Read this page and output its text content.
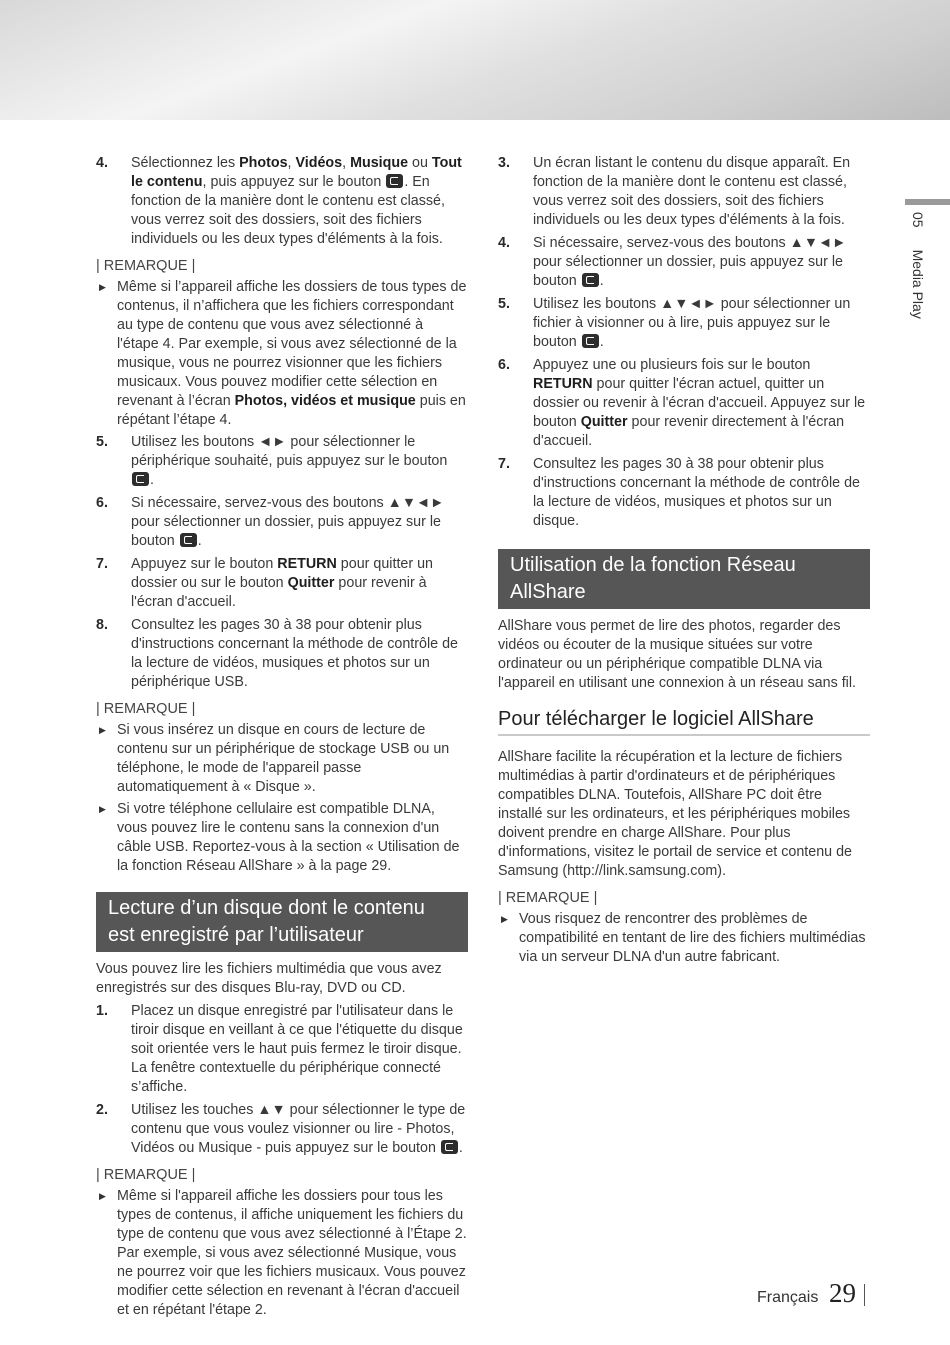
4. Sélectionnez les Photos, Vidéos, Musique ou Tout le contenu, puis appuyez sur le bouton . En fonction de la manière dont le contenu est classé, vous verrez soit des dossiers, soit des fichiers individuels ou les deux types d'éléments à la fois.
| REMARQUE |
▶ Même si l’appareil affiche les dossiers de tous types de contenus, il n’affichera que les fichiers correspondant au type de contenu que vous avez sélectionné à l'étape 4. Par exemple, si vous avez sélectionné de la musique, vous ne pourrez visionner que les fichiers musicaux. Vous pouvez modifier cette sélection en revenant à l’écran Photos, vidéos et musique puis en répétant l’étape 4.
5. Utilisez les boutons ◄► pour sélectionner le périphérique souhaité, puis appuyez sur le bouton .
6. Si nécessaire, servez-vous des boutons ▲▼◄► pour sélectionner un dossier, puis appuyez sur le bouton .
7. Appuyez sur le bouton RETURN pour quitter un dossier ou sur le bouton Quitter pour revenir à l'écran d'accueil.
8. Consultez les pages 30 à 38 pour obtenir plus d'instructions concernant la méthode de contrôle de la lecture de vidéos, musiques et photos sur un périphérique USB.
| REMARQUE |
▶ Si vous insérez un disque en cours de lecture de contenu sur un périphérique de stockage USB ou un téléphone, le mode de l'appareil passe automatiquement à « Disque ».
▶ Si votre téléphone cellulaire est compatible DLNA, vous pouvez lire le contenu sans la connexion d'un câble USB. Reportez-vous à la section « Utilisation de la fonction Réseau AllShare » à la page 29.
Lecture d’un disque dont le contenu est enregistré par l’utilisateur
Vous pouvez lire les fichiers multimédia que vous avez enregistrés sur des disques Blu-ray, DVD ou CD.
1. Placez un disque enregistré par l'utilisateur dans le tiroir disque en veillant à ce que l'étiquette du disque soit orientée vers le haut puis fermez le tiroir disque. La fenêtre contextuelle du périphérique connecté s’affiche.
2. Utilisez les touches ▲▼ pour sélectionner le type de contenu que vous voulez visionner ou lire - Photos, Vidéos ou Musique - puis appuyez sur le bouton .
| REMARQUE |
▶ Même si l'appareil affiche les dossiers pour tous les types de contenus, il affiche uniquement les fichiers du type de contenu que vous avez sélectionné à l’Étape 2. Par exemple, si vous avez sélectionné Musique, vous ne pourrez voir que les fichiers musicaux. Vous pouvez modifier cette sélection en revenant à l'écran d'accueil et en répétant l'étape 2.
3. Un écran listant le contenu du disque apparaît. En fonction de la manière dont le contenu est classé, vous verrez soit des dossiers, soit des fichiers individuels ou les deux types d'éléments à la fois.
4. Si nécessaire, servez-vous des boutons ▲▼◄► pour sélectionner un dossier, puis appuyez sur le bouton .
5. Utilisez les boutons ▲▼◄► pour sélectionner un fichier à visionner ou à lire, puis appuyez sur le bouton .
6. Appuyez une ou plusieurs fois sur le bouton RETURN pour quitter l'écran actuel, quitter un dossier ou revenir à l'écran d'accueil. Appuyez sur le bouton Quitter pour revenir directement à l'écran d'accueil.
7. Consultez les pages 30 à 38 pour obtenir plus d'instructions concernant la méthode de contrôle de la lecture de vidéos, musiques et photos sur un disque.
Utilisation de la fonction Réseau AllShare
AllShare vous permet de lire des photos, regarder des vidéos ou écouter de la musique situées sur votre ordinateur ou un périphérique compatible DLNA via l'appareil en utilisant une connexion à un réseau sans fil.
Pour télécharger le logiciel AllShare
AllShare facilite la récupération et la lecture de fichiers multimédias à partir d'ordinateurs et de périphériques compatibles DLNA. Toutefois, AllShare PC doit être installé sur les ordinateurs, et les périphériques mobiles doivent prendre en charge AllShare. Pour plus d'informations, visitez le portail de service et contenu de Samsung (http://link.samsung.com).
| REMARQUE |
▶ Vous risquez de rencontrer des problèmes de compatibilité en tentant de lire des fichiers multimédias via un serveur DLNA d'un autre fabricant.
05Media Play
Français 29
